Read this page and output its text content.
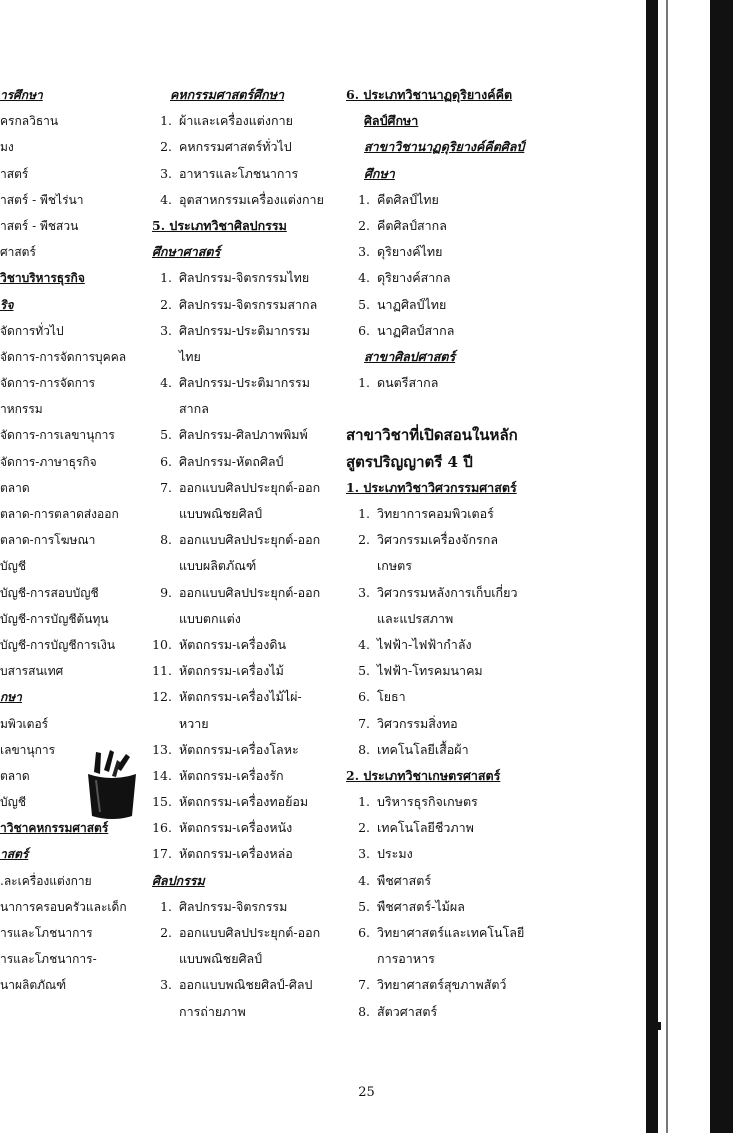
ารศึกษา
ครกลวิธาน
มง
าสตร์
าสตร์ - พืชไร่นา
าสตร์ - พืชสวน
ศาสตร์
วิชาบริหารธุรกิจ
ริจ
จัดการทั่วไป
จัดการ-การจัดการบุคคล
จัดการ-การจัดการ
าหกรรม
จัดการ-การเลขานุการ
จัดการ-ภาษาธุรกิจ
ตลาด
ตลาด-การตลาดส่งออก
ตลาด-การโฆษณา
บัญชี
บัญชี-การสอบบัญชี
บัญชี-การบัญชีต้นทุน
บัญชี-การบัญชีการเงิน
บสารสนเทศ
กษา
มพิวเตอร์
เลขานุการ
ตลาด
บัญชี
าวิชาคหกรรมศาสตร์
าสตร์
.ละเครื่องแต่งกาย
นาการครอบครัวและเด็ก
ารและโภชนาการ
ารและโภชนาการ-
นาผลิตภัณฑ์
คหกรรมศาสตร์ศึกษา
1. ผ้าและเครื่องแต่งกาย
2. คหกรรมศาสตร์ทั่วไป
3. อาหารและโภชนาการ
4. อุตสาหกรรมเครื่องแต่งกาย
5. ประเภทวิชาศิลปกรรม
ศึกษาศาสตร์
1. ศิลปกรรม-จิตรกรรมไทย
2. ศิลปกรรม-จิตรกรรมสากล
3. ศิลปกรรม-ประติมากรรม
ไทย
4. ศิลปกรรม-ประติมากรรม
สากล
5. ศิลปกรรม-ศิลปภาพพิมพ์
6. ศิลปกรรม-หัตถศิลป์
7. ออกแบบศิลปประยุกต์-ออก
แบบพณิชยศิลป์
8. ออกแบบศิลปประยุกต์-ออก
แบบผลิตภัณฑ์
9. ออกแบบศิลปประยุกต์-ออก
แบบตกแต่ง
10. หัตถกรรม-เครื่องดิน
11. หัตถกรรม-เครื่องไม้
12. หัตถกรรม-เครื่องไม้ไผ่-
หวาย
13. หัตถกรรม-เครื่องโลหะ
14. หัตถกรรม-เครื่องรัก
15. หัตถกรรม-เครื่องทอย้อม
16. หัตถกรรม-เครื่องหนัง
17. หัตถกรรม-เครื่องหล่อ
ศิลปกรรม
1. ศิลปกรรม-จิตรกรรม
2. ออกแบบศิลปประยุกต์-ออก
แบบพณิชยศิลป์
3. ออกแบบพณิชยศิลป์-ศิลป
การถ่ายภาพ
6. ประเภทวิชานาฏดุริยางค์คีต
ศิลป์ศึกษา
สาขาวิชานาฏดุริยางค์คีตศิลป์
ศึกษา
1. คีตศิลป์ไทย
2. คีตศิลป์สากล
3. ดุริยางค์ไทย
4. ดุริยางค์สากล
5. นาฏศิลป์ไทย
6. นาฏศิลป์สากล
สาขาศิลปศาสตร์
1. ดนตรีสากล
สาขาวิชาที่เปิดสอนในหลัก
สูตรปริญญาตรี 4 ปี
1. ประเภทวิชาวิศวกรรมศาสตร์
1. วิทยาการคอมพิวเตอร์
2. วิศวกรรมเครื่องจักรกล
เกษตร
3. วิศวกรรมหลังการเก็บเกี่ยว
และแปรสภาพ
4. ไฟฟ้า-ไฟฟ้ากำลัง
5. ไฟฟ้า-โทรคมนาคม
6. โยธา
7. วิศวกรรมสิ่งทอ
8. เทคโนโลยีเสื้อผ้า
2. ประเภทวิชาเกษตรศาสตร์
1. บริหารธุรกิจเกษตร
2. เทคโนโลยีชีวภาพ
3. ประมง
4. พืชศาสตร์
5. พืชศาสตร์-ไม้ผล
6. วิทยาศาสตร์และเทคโนโลยี
การอาหาร
7. วิทยาศาสตร์สุขภาพสัตว์
8. สัตวศาสตร์
25
